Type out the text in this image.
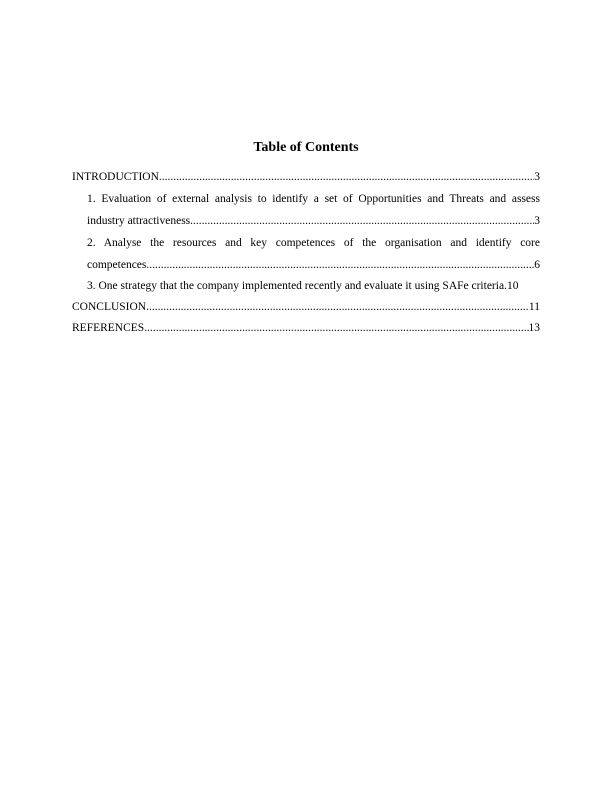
Table of Contents
INTRODUCTION .....	3
1. Evaluation of external analysis to identify a set of Opportunities and Threats and assess
industry attractiveness. .....	3
2. Analyse the resources and key competences of the organisation and identify core
competences .....	6
3. One strategy that the company implemented recently and evaluate it using SAFe criteria. 10
CONCLUSION .....	11
REFERENCES .....	13
